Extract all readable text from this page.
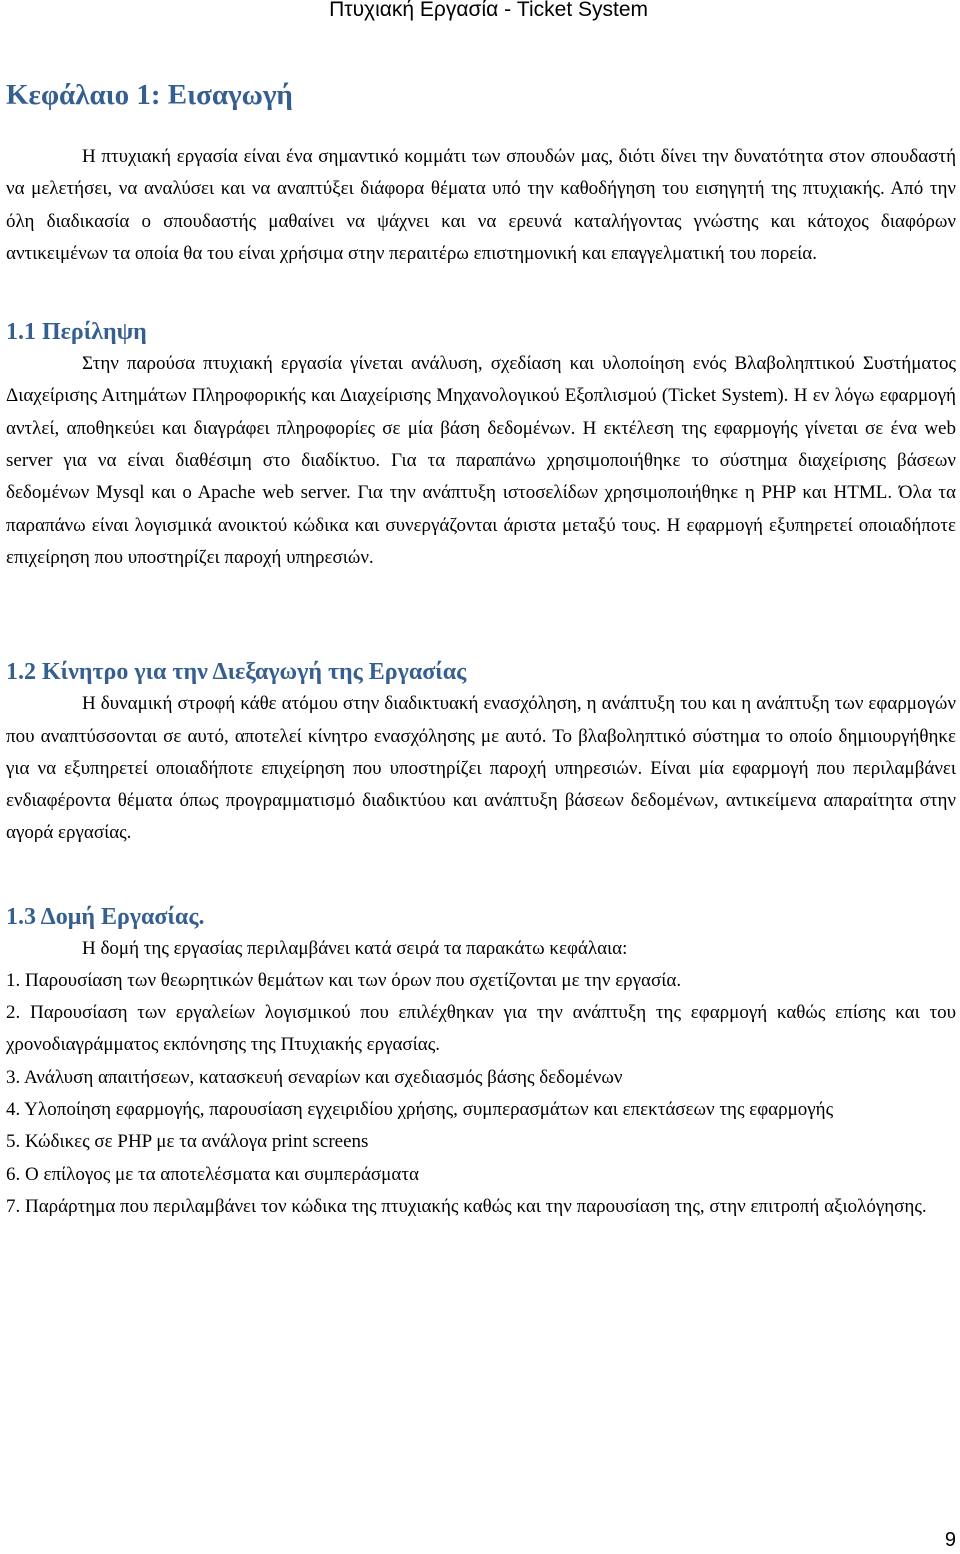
Πτυχιακή Εργασία - Ticket System
Κεφάλαιο 1: Εισαγωγή

Η πτυχιακή εργασία είναι ένα σημαντικό κομμάτι των σπουδών μας, διότι δίνει την δυνατότητα στον σπουδαστή να μελετήσει, να αναλύσει και να αναπτύξει διάφορα θέματα υπό την καθοδήγηση του εισηγητή της πτυχιακής. Από την όλη διαδικασία ο σπουδαστής μαθαίνει να ψάχνει και να ερευνά καταλήγοντας γνώστης και κάτοχος διαφόρων αντικειμένων τα οποία θα του είναι χρήσιμα στην περαιτέρω επιστημονική και επαγγελματική του πορεία.

1.1 Περίληψη

Στην παρούσα πτυχιακή εργασία γίνεται ανάλυση, σχεδίαση και υλοποίηση ενός Βλαβοληπτικού Συστήματος Διαχείρισης Αιτημάτων Πληροφορικής και Διαχείρισης Μηχανολογικού Εξοπλισμού (Ticket System). Η εν λόγω εφαρμογή αντλεί, αποθηκεύει και διαγράφει πληροφορίες σε μία βάση δεδομένων. Η εκτέλεση της εφαρμογής γίνεται σε ένα web server για να είναι διαθέσιμη στο διαδίκτυο. Για τα παραπάνω χρησιμοποιήθηκε το σύστημα διαχείρισης βάσεων δεδομένων Mysql και o Apache web server. Για την ανάπτυξη ιστοσελίδων χρησιμοποιήθηκε η PHP και HTML. Όλα τα παραπάνω είναι λογισμικά ανοικτού κώδικα και συνεργάζονται άριστα μεταξύ τους. Η εφαρμογή εξυπηρετεί οποιαδήποτε επιχείρηση που υποστηρίζει παροχή υπηρεσιών.

1.2 Κίνητρο για την Διεξαγωγή της Εργασίας

Η δυναμική στροφή κάθε ατόμου στην διαδικτυακή ενασχόληση, η ανάπτυξη του και η ανάπτυξη των εφαρμογών που αναπτύσσονται σε αυτό, αποτελεί κίνητρο ενασχόλησης με αυτό. Το βλαβοληπτικό σύστημα το οποίο δημιουργήθηκε για να εξυπηρετεί οποιαδήποτε επιχείρηση που υποστηρίζει παροχή υπηρεσιών. Είναι μία εφαρμογή που περιλαμβάνει ενδιαφέροντα θέματα όπως προγραμματισμό διαδικτύου και ανάπτυξη βάσεων δεδομένων, αντικείμενα απαραίτητα στην αγορά εργασίας.

1.3 Δομή Εργασίας.

Η δομή της εργασίας περιλαμβάνει κατά σειρά τα παρακάτω κεφάλαια:

1. Παρουσίαση των θεωρητικών θεμάτων και των όρων που σχετίζονται με την εργασία.

2. Παρουσίαση των εργαλείων λογισμικού που επιλέχθηκαν για την ανάπτυξη της εφαρμογή καθώς επίσης και του χρονοδιαγράμματος εκπόνησης της Πτυχιακής εργασίας.

3. Ανάλυση απαιτήσεων, κατασκευή σεναρίων και σχεδιασμός βάσης δεδομένων

4. Υλοποίηση εφαρμογής, παρουσίαση εγχειριδίου χρήσης, συμπερασμάτων και επεκτάσεων της εφαρμογής

5. Κώδικες σε PHP με τα ανάλογα print screens

6. Ο επίλογος με τα αποτελέσματα και συμπεράσματα

7. Παράρτημα που περιλαμβάνει τον κώδικα της πτυχιακής καθώς και την παρουσίαση της, στην επιτροπή αξιολόγησης.

9
